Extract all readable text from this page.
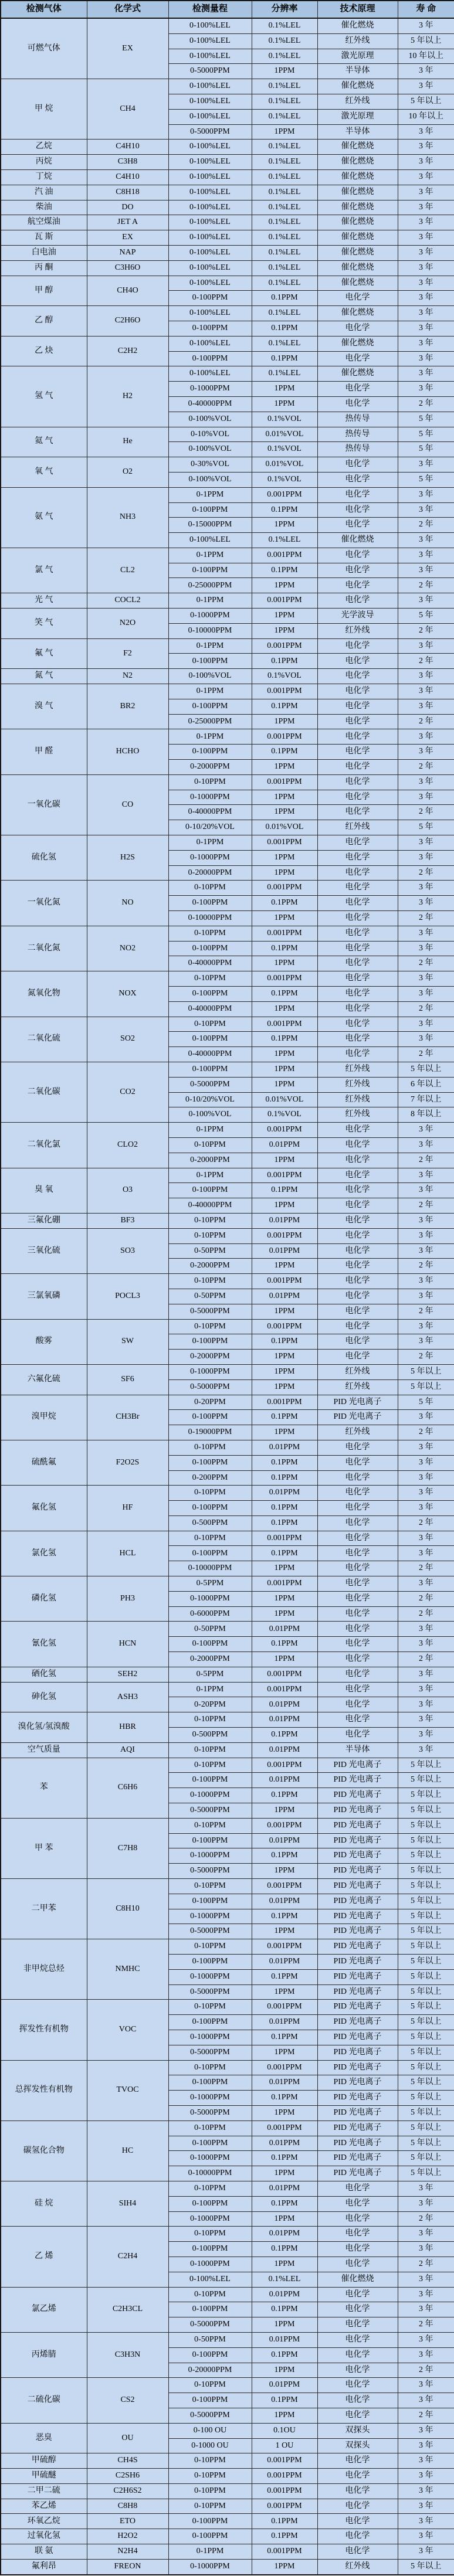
检测气体	化学式	检测量程	分辨率	技术原理	寿 命
可燃气体	EX	0-100%LEL	0.1%LEL	催化燃烧	3 年
		0-100%LEL	0.1%LEL	红外线	5 年以上
		0-100%LEL	0.1%LEL	激光原理	10 年以上
		0-5000PPM	1PPM	半导体	3 年
甲 烷	CH4	0-100%LEL	0.1%LEL	催化燃烧	3 年
		0-100%LEL	0.1%LEL	红外线	5 年以上
		0-100%LEL	0.1%LEL	激光原理	10 年以上
		0-5000PPM	1PPM	半导体	3 年
乙烷	C4H10	0-100%LEL	0.1%LEL	催化燃烧	3 年
丙烷	C3H8	0-100%LEL	0.1%LEL	催化燃烧	3 年
丁烷	C4H10	0-100%LEL	0.1%LEL	催化燃烧	3 年
汽 油	C8H18	0-100%LEL	0.1%LEL	催化燃烧	3 年
柴油	DO	0-100%LEL	0.1%LEL	催化燃烧	3 年
航空煤油	JET A	0-100%LEL	0.1%LEL	催化燃烧	3 年
瓦 斯	EX	0-100%LEL	0.1%LEL	催化燃烧	3 年
白电油	NAP	0-100%LEL	0.1%LEL	催化燃烧	3 年
丙 酮	C3H6O	0-100%LEL	0.1%LEL	催化燃烧	3 年
甲 醇	CH4O	0-100%LEL	0.1%LEL	催化燃烧	3 年
		0-100PPM	0.1PPM	电化学	3 年
乙 醇	C2H6O	0-100%LEL	0.1%LEL	催化燃烧	3 年
		0-100PPM	0.1PPM	电化学	3 年
乙 炔	C2H2	0-100%LEL	0.1%LEL	催化燃烧	3 年
		0-100PPM	0.1PPM	电化学	3 年
氢 气	H2	0-100%LEL	0.1%LEL	催化燃烧	3 年
		0-1000PPM	1PPM	电化学	3 年
		0-40000PPM	1PPM	电化学	2 年
		0-100%VOL	0.1%VOL	热传导	5 年
氦 气	He	0-10%VOL	0.01%VOL	热传导	5 年
		0-100%VOL	0.1%VOL	热传导	5 年
氧 气	O2	0-30%VOL	0.01%VOL	电化学	3 年
		0-100%VOL	0.1%VOL	电化学	5 年
氨 气	NH3	0-1PPM	0.001PPM	电化学	3 年
		0-100PPM	0.1PPM	电化学	3 年
		0-15000PPM	1PPM	电化学	2 年
		0-100%LEL	0.1%LEL	催化燃烧	3 年
氯 气	CL2	0-1PPM	0.001PPM	电化学	3 年
		0-100PPM	0.1PPM	电化学	3 年
		0-25000PPM	1PPM	电化学	2 年
光 气	COCL2	0-1PPM	0.001PPM	电化学	3 年
笑 气	N2O	0-1000PPM	1PPM	光学波导	5 年
		0-10000PPM	1PPM	红外线	2 年
氟 气	F2	0-1PPM	0.001PPM	电化学	3 年
		0-100PPM	0.1PPM	电化学	2 年
氮 气	N2	0-100%VOL	0.1%VOL	电化学	3 年
溴 气	BR2	0-1PPM	0.001PPM	电化学	3 年
		0-100PPM	0.1PPM	电化学	3 年
		0-25000PPM	1PPM	电化学	2 年
甲 醛	HCHO	0-1PPM	0.001PPM	电化学	3 年
		0-100PPM	0.1PPM	电化学	3 年
		0-2000PPM	1PPM	电化学	2 年
一氧化碳	CO	0-10PPM	0.001PPM	电化学	3 年
		0-1000PPM	1PPM	电化学	3 年
		0-40000PPM	1PPM	电化学	2 年
		0-10/20%VOL	0.01%VOL	红外线	5 年
硫化氢	H2S	0-1PPM	0.001PPM	电化学	3 年
		0-1000PPM	1PPM	电化学	3 年
		0-20000PPM	1PPM	电化学	2 年
一氧化氮	NO	0-10PPM	0.001PPM	电化学	3 年
		0-100PPM	0.1PPM	电化学	3 年
		0-10000PPM	1PPM	电化学	2 年
二氧化氮	NO2	0-10PPM	0.001PPM	电化学	3 年
		0-100PPM	0.1PPM	电化学	3 年
		0-40000PPM	1PPM	电化学	2 年
氮氧化物	NOX	0-10PPM	0.001PPM	电化学	3 年
		0-100PPM	0.1PPM	电化学	3 年
		0-40000PPM	1PPM	电化学	2 年
二氧化硫	SO2	0-10PPM	0.001PPM	电化学	3 年
		0-100PPM	0.1PPM	电化学	3 年
		0-40000PPM	1PPM	电化学	2 年
二氧化碳	CO2	0-100PPM	1PPM	红外线	5 年以上
		0-5000PPM	1PPM	红外线	6 年以上
		0-10/20%VOL	0.01%VOL	红外线	7 年以上
		0-100%VOL	0.1%VOL	红外线	8 年以上
二氧化氯	CLO2	0-1PPM	0.001PPM	电化学	3 年
		0-10PPM	0.01PPM	电化学	3 年
		0-2000PPM	1PPM	电化学	2 年
臭 氧	O3	0-1PPM	0.001PPM	电化学	3 年
		0-100PPM	0.1PPM	电化学	3 年
		0-40000PPM	1PPM	电化学	2 年
三氟化硼	BF3	0-10PPM	0.01PPM	电化学	3 年
三氧化硫	SO3	0-10PPM	0.001PPM	电化学	3 年
		0-50PPM	0.01PPM	电化学	3 年
		0-2000PPM	1PPM	电化学	2 年
三氯氧磷	POCL3	0-10PPM	0.001PPM	电化学	3 年
		0-50PPM	0.01PPM	电化学	3 年
		0-5000PPM	1PPM	电化学	2 年
酸雾	SW	0-10PPM	0.001PPM	电化学	3 年
		0-100PPM	0.1PPM	电化学	3 年
		0-2000PPM	1PPM	电化学	2 年
六氟化硫	SF6	0-1000PPM	1PPM	红外线	5 年以上
		0-5000PPM	1PPM	红外线	5 年以上
溴甲烷	CH3Br	0-20PPM	0.001PPM	PID 光电离子	5 年
		0-100PPM	0.1PPM	PID 光电离子	3 年
		0-19000PPM	1PPM	红外线	2 年
硫酰氟	F2O2S	0-10PPM	0.01PPM	电化学	3 年
		0-100PPM	0.1PPM	电化学	3 年
		0-200PPM	0.1PPM	电化学	3 年
氟化氢	HF	0-10PPM	0.01PPM	电化学	3 年
		0-100PPM	0.1PPM	电化学	3 年
		0-500PPM	0.1PPM	电化学	2 年
氯化氢	HCL	0-10PPM	0.001PPM	电化学	3 年
		0-100PPM	0.1PPM	电化学	3 年
		0-10000PPM	1PPM	电化学	2 年
磷化氢	PH3	0-5PPM	0.001PPM	电化学	3 年
		0-1000PPM	1PPM	电化学	2 年
		0-6000PPM	1PPM	电化学	2 年
氰化氢	HCN	0-50PPM	0.01PPM	电化学	3 年
		0-100PPM	0.1PPM	电化学	3 年
		0-2000PPM	1PPM	电化学	2 年
硒化氢	SEH2	0-5PPM	0.001PPM	电化学	3 年
砷化氢	ASH3	0-1PPM	0.001PPM	电化学	3 年
		0-20PPM	0.01PPM	电化学	3 年
溴化氢/氢溴酸	HBR	0-10PPM	0.01PPM	电化学	3 年
		0-500PPM	0.1PPM	电化学	3 年
空气质量	AQI	0-10PPM	0.01PPM	半导体	3 年
苯	C6H6	0-10PPM	0.001PPM	PID 光电离子	5 年以上
		0-100PPM	0.01PPM	PID 光电离子	5 年以上
		0-1000PPM	0.1PPM	PID 光电离子	5 年以上
		0-5000PPM	1PPM	PID 光电离子	5 年以上
甲 苯	C7H8	0-10PPM	0.001PPM	PID 光电离子	5 年以上
		0-100PPM	0.01PPM	PID 光电离子	5 年以上
		0-1000PPM	0.1PPM	PID 光电离子	5 年以上
		0-5000PPM	1PPM	PID 光电离子	5 年以上
二甲苯	C8H10	0-10PPM	0.001PPM	PID 光电离子	5 年以上
		0-100PPM	0.01PPM	PID 光电离子	5 年以上
		0-1000PPM	0.1PPM	PID 光电离子	5 年以上
		0-5000PPM	1PPM	PID 光电离子	5 年以上
非甲烷总烃	NMHC	0-10PPM	0.001PPM	PID 光电离子	5 年以上
		0-100PPM	0.01PPM	PID 光电离子	5 年以上
		0-1000PPM	0.1PPM	PID 光电离子	5 年以上
		0-5000PPM	1PPM	PID 光电离子	5 年以上
挥发性有机物	VOC	0-10PPM	0.001PPM	PID 光电离子	5 年以上
		0-100PPM	0.01PPM	PID 光电离子	5 年以上
		0-1000PPM	0.1PPM	PID 光电离子	5 年以上
		0-5000PPM	1PPM	PID 光电离子	5 年以上
总挥发性有机物	TVOC	0-10PPM	0.001PPM	PID 光电离子	5 年以上
		0-100PPM	0.01PPM	PID 光电离子	5 年以上
		0-1000PPM	0.1PPM	PID 光电离子	5 年以上
		0-5000PPM	1PPM	PID 光电离子	5 年以上
碳氢化合物	HC	0-10PPM	0.001PPM	PID 光电离子	5 年以上
		0-100PPM	0.01PPM	PID 光电离子	5 年以上
		0-1000PPM	0.1PPM	PID 光电离子	5 年以上
		0-10000PPM	1PPM	PID 光电离子	5 年以上
硅 烷	SIH4	0-10PPM	0.01PPM	电化学	3 年
		0-100PPM	0.1PPM	电化学	3 年
		0-1000PPM	1PPM	电化学	2 年
乙 烯	C2H4	0-10PPM	0.01PPM	电化学	3 年
		0-100PPM	0.1PPM	电化学	3 年
		0-1000PPM	1PPM	电化学	2 年
		0-100%LEL	0.1%LEL	催化燃烧	3 年
氯乙烯	C2H3CL	0-10PPM	0.01PPM	电化学	3 年
		0-100PPM	0.1PPM	电化学	3 年
		0-5000PPM	1PPM	电化学	2 年
丙烯腈	C3H3N	0-50PPM	0.01PPM	电化学	3 年
		0-100PPM	0.1PPM	电化学	3 年
		0-20000PPM	1PPM	电化学	2 年
二硫化碳	CS2	0-10PPM	0.01PPM	电化学	3 年
		0-100PPM	0.1PPM	电化学	3 年
		0-5000PPM	1PPM	电化学	2 年
恶臭	OU	0-100 OU	0.1OU	双探头	3 年
		0-1000 OU	1 OU	双探头	3 年
甲硫醇	CH4S	0-10PPM	0.001PPM	电化学	3 年
甲硫醚	C2SH6	0-10PPM	0.001PPM	电化学	3 年
二甲二硫	C2H6S2	0-10PPM	0.001PPM	电化学	3 年
苯乙烯	C8H8	0-10PPM	0.001PPM	电化学	3 年
环氧乙烷	ETO	0-100PPM	0.1PPM	电化学	3 年
过氧化氢	H2O2	0-100PPM	0.1PPM	电化学	3 年
联 氨	N2H4	0-1PPM	0.001PPM	电化学	3 年
氟利昂	FREON	0-1000PPM	1PPM	红外线	5 年以上
